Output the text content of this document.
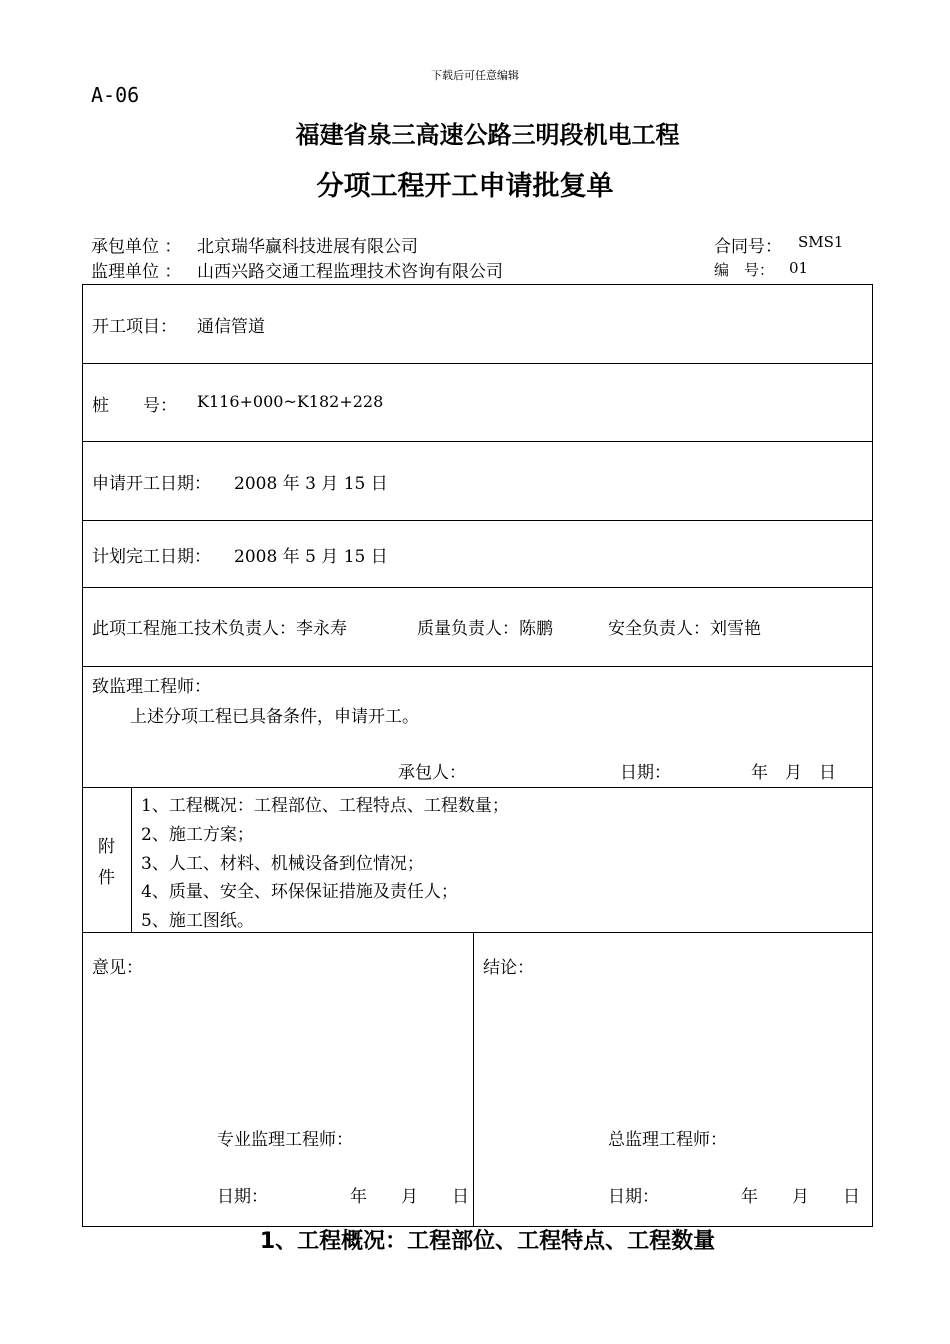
下载后可任意编辑
A-06
福建省泉三高速公路三明段机电工程
分项工程开工申请批复单
承包单位 ： 北京瑞华赢科技进展有限公司	合同号： SMS1
监理单位 ： 山西兴路交通工程监理技术咨询有限公司	编　号： 01
开工项目： 通信管道
桩　　号： K116+000~K182+228
申请开工日期： 2008 年 3 月 15 日
计划完工日期： 2008 年 5 月 15 日
此项工程施工技术负责人：李永寿	质量负责人：陈鹏	安全负责人：刘雪艳
致监理工程师：
上述分项工程已具备条件，申请开工。
承包人：	日期：	年　月　日
附
件
1、工程概况：工程部位、工程特点、工程数量；
2、施工方案；
3、人工、材料、机械设备到位情况；
4、质量、安全、环保保证措施及责任人；
5、施工图纸。
意见：
专业监理工程师：
日期：	年　　月　　日
结论：
总监理工程师：
日期：	年　　月　　日
1、工程概况：工程部位、工程特点、工程数量
